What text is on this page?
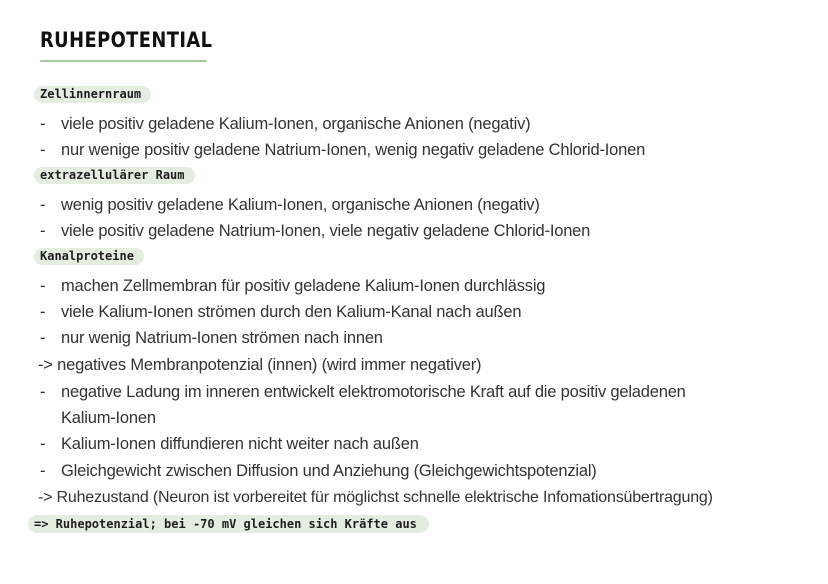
RUHEPOTENTIAL
Zellinnernraum
- viele positiv geladene Kalium-Ionen, organische Anionen (negativ)
- nur wenige positiv geladene Natrium-Ionen, wenig negativ geladene Chlorid-Ionen
extrazellulärer Raum
- wenig positiv geladene Kalium-Ionen, organische Anionen (negativ)
- viele positiv geladene Natrium-Ionen, viele negativ geladene Chlorid-Ionen
Kanalproteine
- machen Zellmembran für positiv geladene Kalium-Ionen durchlässig
- viele Kalium-Ionen strömen durch den Kalium-Kanal nach außen
- nur wenig Natrium-Ionen strömen nach innen
-> negatives Membranpotenzial (innen) (wird immer negativer)
- negative Ladung im inneren entwickelt elektromotorische Kraft auf die positiv geladenen
Kalium-Ionen
- Kalium-Ionen diffundieren nicht weiter nach außen
- Gleichgewicht zwischen Diffusion und Anziehung (Gleichgewichtspotenzial)
-> Ruhezustand (Neuron ist vorbereitet für möglichst schnelle elektrische Infomationsübertragung)
=> Ruhepotenzial; bei -70 mV gleichen sich Kräfte aus
